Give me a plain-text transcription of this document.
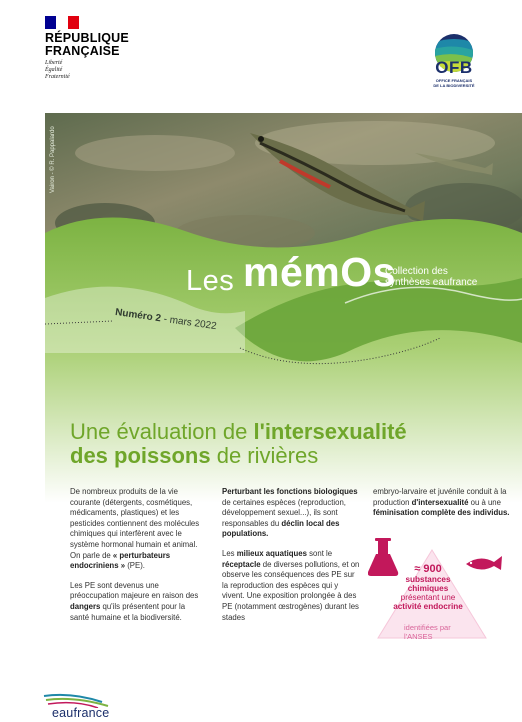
RÉPUBLIQUE
FRANÇAISE
Liberté
Égalité
Fraternité	OFB
OFFICE FRANÇAIS
DE LA BIODIVERSITÉ
Vairon - © R. Pappalardo
Les mémOs
Collection des
synthèses eaufrance
Numéro 2 - mars 2022
Une évaluation de l'intersexualité
des poissons de rivières

De nombreux produits de la vie courante (détergents, cosmétiques, médicaments, plastiques) et les pesticides contiennent des molécules chimiques qui interfèrent avec le système hormonal humain et animal. On parle de « perturbateurs endocriniens » (PE).

Les PE sont devenus une préoccupation majeure en raison des dangers qu'ils présentent pour la santé humaine et la biodiversité.

Perturbant les fonctions biologiques de certaines espèces (reproduction, développement sexuel...), ils sont responsables du déclin local des populations.

Les milieux aquatiques sont le réceptacle de diverses pollutions, et on observe les conséquences des PE sur la reproduction des espèces qui y vivent. Une exposition prolongée à des PE (notamment œstrogènes) durant les stades

embryo-larvaire et juvénile conduit à la production d'intersexualité ou à une féminisation complète des individus.

≈ 900
substances
chimiques
présentant une
activité endocrine
identifiées par
l'ANSES
eaufrance
